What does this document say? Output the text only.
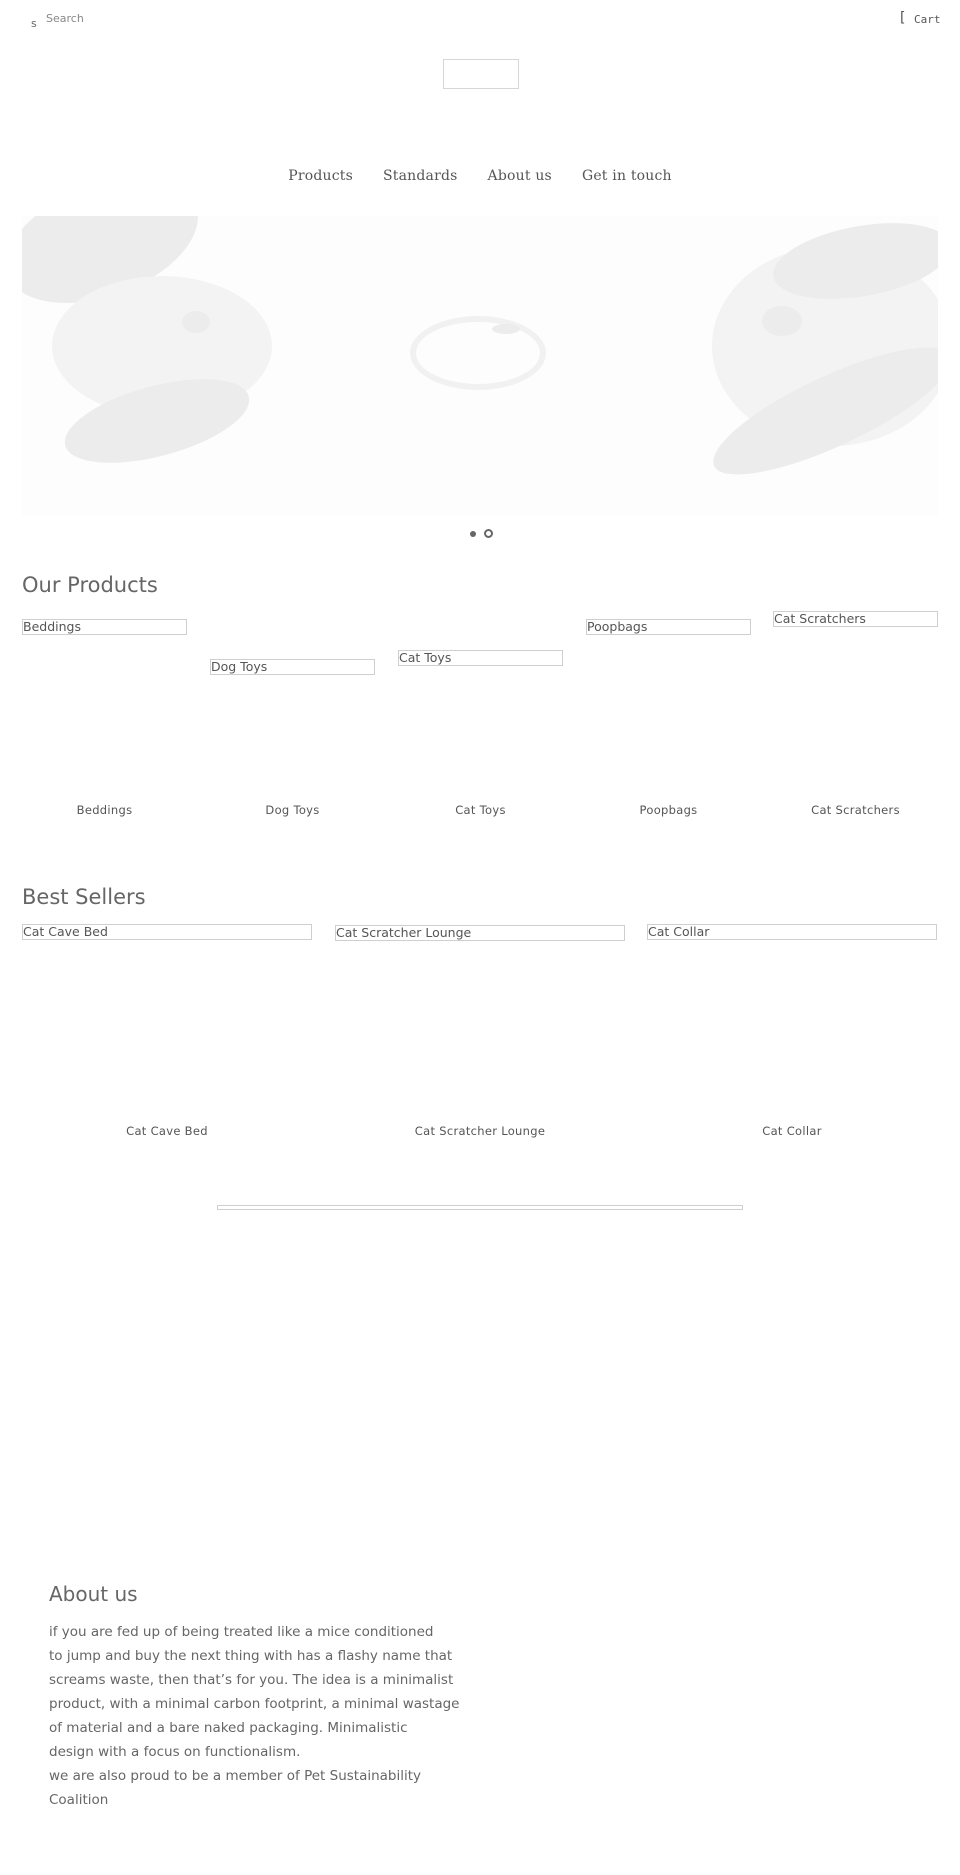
s
Search	[ Cart
Products Standards About us Get in touch
Our Products
Beddings
Dog Toys
Cat Toys
Poopbags
Cat Scratchers
Beddings	Dog Toys	Cat Toys	Poopbags	Cat Scratchers
Best Sellers
Cat Cave Bed	Cat Scratcher Lounge	Cat Collar
Cat Cave Bed	Cat Scratcher Lounge	Cat Collar
About us

if you are fed up of being treated like a mice conditioned
to jump and buy the next thing with has a flashy name that
screams waste, then that’s for you. The idea is a minimalist
product, with a minimal carbon footprint, a minimal wastage
of material and a bare naked packaging. Minimalistic
design with a focus on functionalism.
we are also proud to be a member of Pet Sustainability
Coalition
